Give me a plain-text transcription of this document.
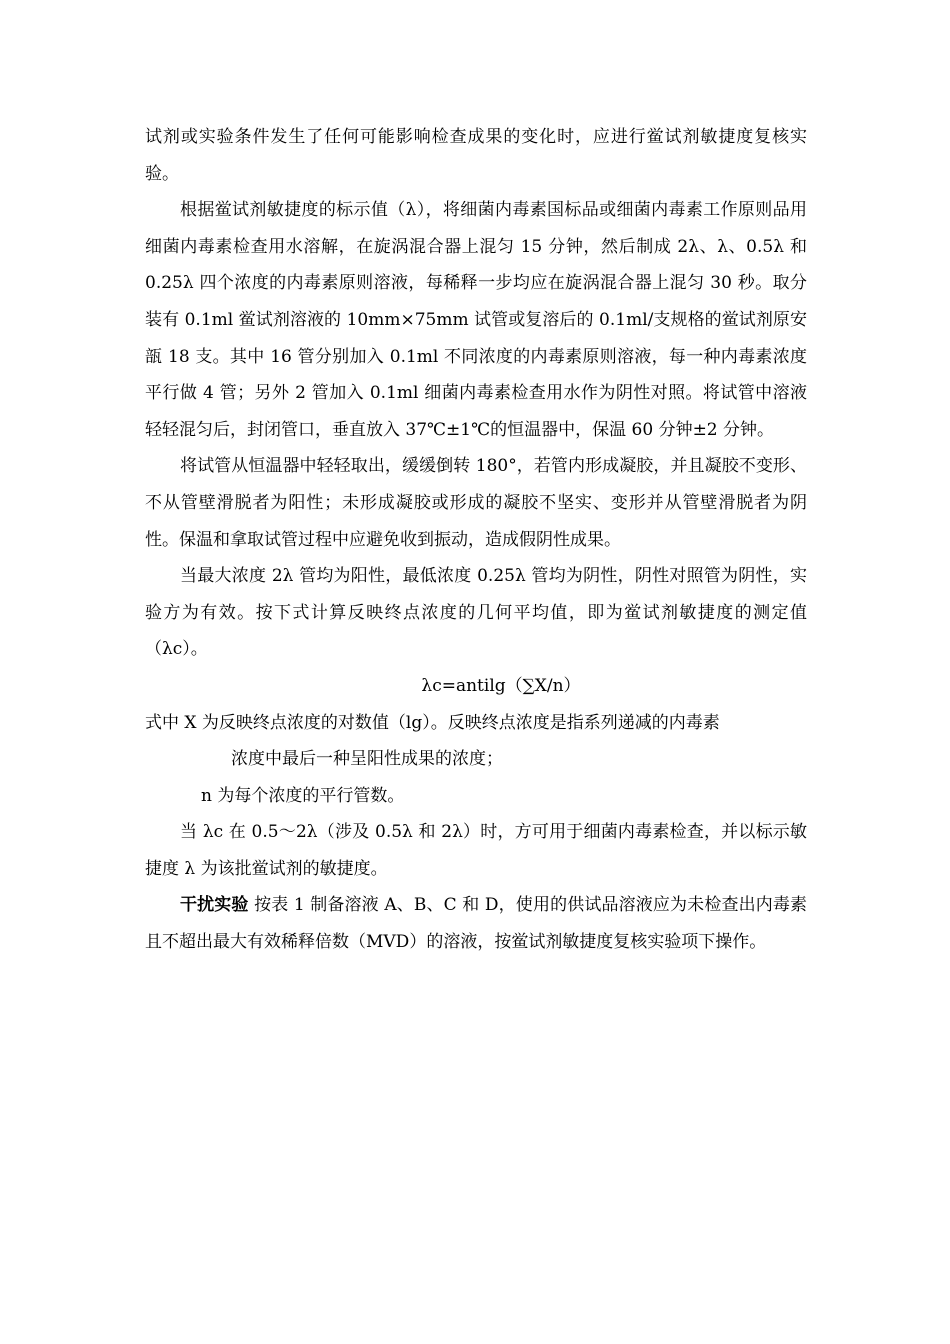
试剂或实验条件发生了任何可能影响检查成果的变化时，应进行鲎试剂敏捷度复核实验。

根据鲎试剂敏捷度的标示值（λ），将细菌内毒素国标品或细菌内毒素工作原则品用细菌内毒素检查用水溶解，在旋涡混合器上混匀 15 分钟，然后制成 2λ、λ、0.5λ 和 0.25λ 四个浓度的内毒素原则溶液，每稀释一步均应在旋涡混合器上混匀 30 秒。取分装有 0.1ml 鲎试剂溶液的 10mm×75mm 试管或复溶后的 0.1ml/支规格的鲎试剂原安瓿 18 支。其中 16 管分别加入 0.1ml 不同浓度的内毒素原则溶液，每一种内毒素浓度平行做 4 管；另外 2 管加入 0.1ml 细菌内毒素检查用水作为阴性对照。将试管中溶液轻轻混匀后，封闭管口，垂直放入 37℃±1℃的恒温器中，保温 60 分钟±2 分钟。

将试管从恒温器中轻轻取出，缓缓倒转 180°，若管内形成凝胶，并且凝胶不变形、不从管壁滑脱者为阳性；未形成凝胶或形成的凝胶不坚实、变形并从管壁滑脱者为阴性。保温和拿取试管过程中应避免收到振动，造成假阴性成果。

当最大浓度 2λ 管均为阳性，最低浓度 0.25λ 管均为阴性，阴性对照管为阴性，实验方为有效。按下式计算反映终点浓度的几何平均值，即为鲎试剂敏捷度的测定值（λc）。

λc=antilg（∑X/n）

式中 X 为反映终点浓度的对数值（lg）。反映终点浓度是指系列递减的内毒素

浓度中最后一种呈阳性成果的浓度；

n 为每个浓度的平行管数。

当 λc 在 0.5～2λ（涉及 0.5λ 和 2λ）时，方可用于细菌内毒素检查，并以标示敏捷度 λ 为该批鲎试剂的敏捷度。

干扰实验 按表 1 制备溶液 A、B、C 和 D，使用的供试品溶液应为未检查出内毒素且不超出最大有效稀释倍数（MVD）的溶液，按鲎试剂敏捷度复核实验项下操作。
